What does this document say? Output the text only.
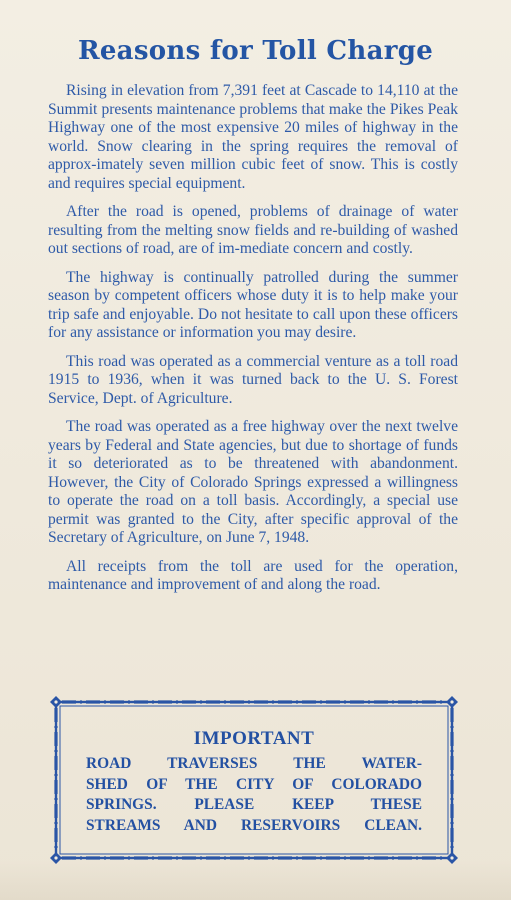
Reasons for Toll Charge

Rising in elevation from 7,391 feet at Cascade to 14,110 at the Summit presents maintenance problems that make the Pikes Peak Highway one of the most expensive 20 miles of highway in the world. Snow clearing in the spring requires the removal of approx-imately seven million cubic feet of snow. This is costly and requires special equipment.

After the road is opened, problems of drainage of water resulting from the melting snow fields and re-building of washed out sections of road, are of im-mediate concern and costly.

The highway is continually patrolled during the summer season by competent officers whose duty it is to help make your trip safe and enjoyable. Do not hesitate to call upon these officers for any assistance or information you may desire.

This road was operated as a commercial venture as a toll road 1915 to 1936, when it was turned back to the U. S. Forest Service, Dept. of Agriculture.

The road was operated as a free highway over the next twelve years by Federal and State agencies, but due to shortage of funds it so deteriorated as to be threatened with abandonment. However, the City of Colorado Springs expressed a willingness to operate the road on a toll basis. Accordingly, a special use permit was granted to the City, after specific approval of the Secretary of Agriculture, on June 7, 1948.

All receipts from the toll are used for the operation, maintenance and improvement of and along the road.

IMPORTANT
ROAD TRAVERSES THE WATER-
SHED OF THE CITY OF COLORADO
SPRINGS. PLEASE KEEP THESE
STREAMS AND RESERVOIRS CLEAN.
